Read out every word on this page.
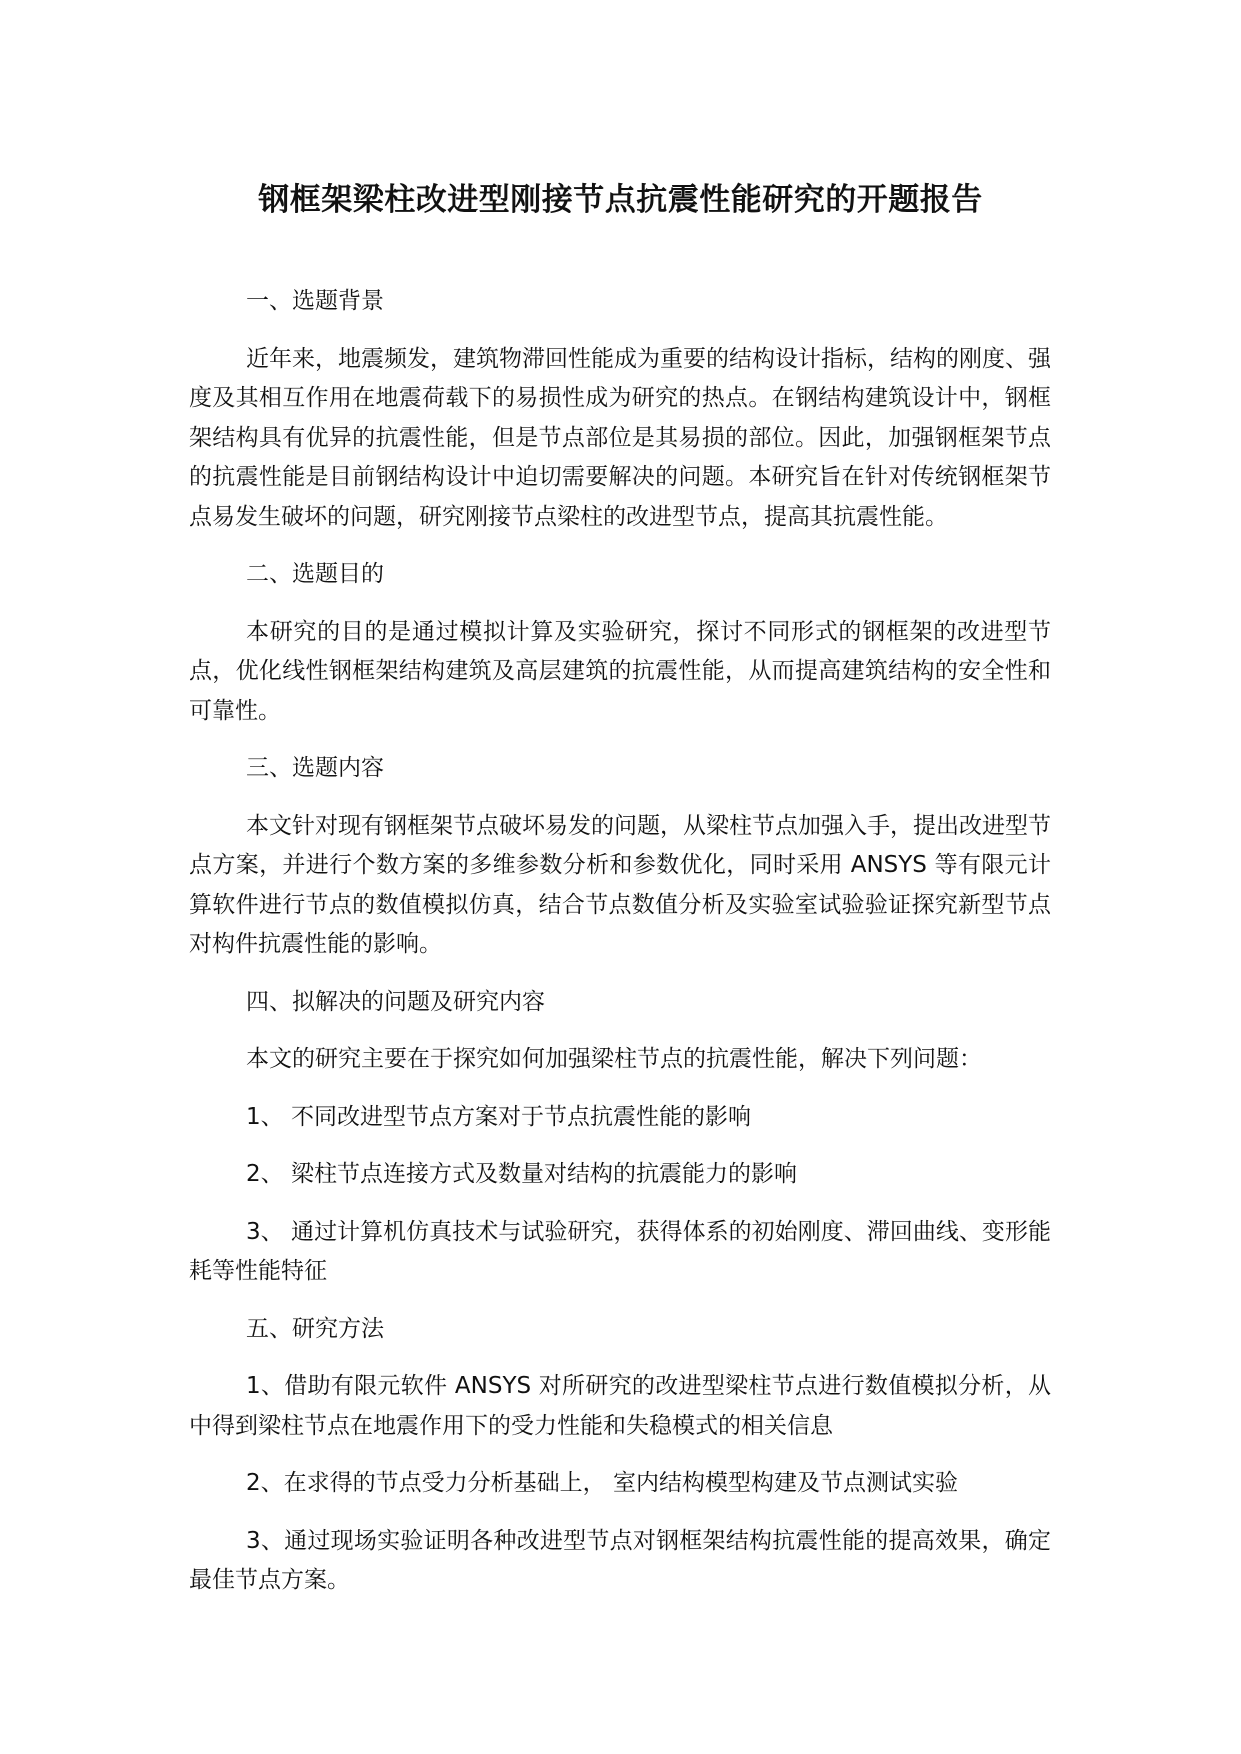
钢框架梁柱改进型刚接节点抗震性能研究的开题报告

一、选题背景

近年来，地震频发，建筑物滞回性能成为重要的结构设计指标，结构的刚度、强度及其相互作用在地震荷载下的易损性成为研究的热点。在钢结构建筑设计中，钢框架结构具有优异的抗震性能，但是节点部位是其易损的部位。因此，加强钢框架节点的抗震性能是目前钢结构设计中迫切需要解决的问题。本研究旨在针对传统钢框架节点易发生破坏的问题，研究刚接节点梁柱的改进型节点，提高其抗震性能。

二、选题目的

本研究的目的是通过模拟计算及实验研究，探讨不同形式的钢框架的改进型节点，优化线性钢框架结构建筑及高层建筑的抗震性能，从而提高建筑结构的安全性和可靠性。

三、选题内容

本文针对现有钢框架节点破坏易发的问题，从梁柱节点加强入手，提出改进型节点方案，并进行个数方案的多维参数分析和参数优化，同时采用 ANSYS 等有限元计算软件进行节点的数值模拟仿真，结合节点数值分析及实验室试验验证探究新型节点对构件抗震性能的影响。

四、拟解决的问题及研究内容

本文的研究主要在于探究如何加强梁柱节点的抗震性能，解决下列问题：

1、 不同改进型节点方案对于节点抗震性能的影响

2、 梁柱节点连接方式及数量对结构的抗震能力的影响

3、 通过计算机仿真技术与试验研究，获得体系的初始刚度、滞回曲线、变形能耗等性能特征

五、研究方法

1、借助有限元软件 ANSYS 对所研究的改进型梁柱节点进行数值模拟分析，从中得到梁柱节点在地震作用下的受力性能和失稳模式的相关信息

2、在求得的节点受力分析基础上， 室内结构模型构建及节点测试实验

3、通过现场实验证明各种改进型节点对钢框架结构抗震性能的提高效果，确定最佳节点方案。
